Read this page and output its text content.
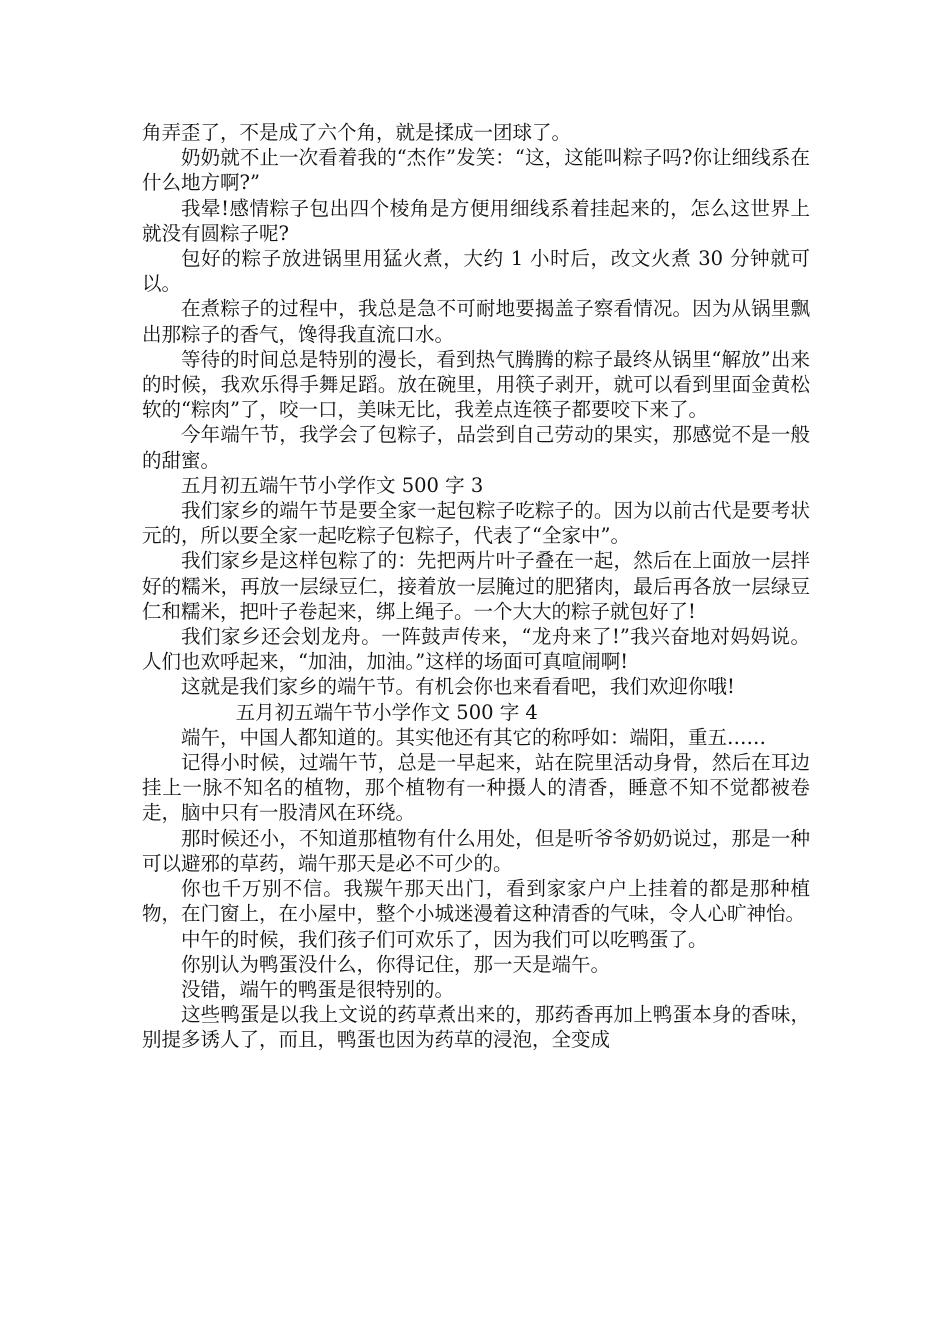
角弄歪了，不是成了六个角，就是揉成一团球了。

奶奶就不止一次看着我的“杰作”发笑：“这，这能叫粽子吗?你让细线系在什么地方啊?”

我晕!感情粽子包出四个棱角是方便用细线系着挂起来的，怎么这世界上就没有圆粽子呢?

包好的粽子放进锅里用猛火煮，大约 1 小时后，改文火煮 30 分钟就可以。

在煮粽子的过程中，我总是急不可耐地要揭盖子察看情况。因为从锅里飘出那粽子的香气，馋得我直流口水。

等待的时间总是特别的漫长，看到热气腾腾的粽子最终从锅里“解放”出来的时候，我欢乐得手舞足蹈。放在碗里，用筷子剥开，就可以看到里面金黄松软的“粽肉”了，咬一口，美味无比，我差点连筷子都要咬下来了。

今年端午节，我学会了包粽子，品尝到自己劳动的果实，那感觉不是一般的甜蜜。

五月初五端午节小学作文 500 字 3

我们家乡的端午节是要全家一起包粽子吃粽子的。因为以前古代是要考状元的，所以要全家一起吃粽子包粽子，代表了“全家中”。

我们家乡是这样包粽了的：先把两片叶子叠在一起，然后在上面放一层拌好的糯米，再放一层绿豆仁，接着放一层腌过的肥猪肉，最后再各放一层绿豆仁和糯米，把叶子卷起来，绑上绳子。一个大大的粽子就包好了!

我们家乡还会划龙舟。一阵鼓声传来，“龙舟来了!”我兴奋地对妈妈说。人们也欢呼起来，“加油，加油。”这样的场面可真喧闹啊!

这就是我们家乡的端午节。有机会你也来看看吧，我们欢迎你哦!

五月初五端午节小学作文 500 字 4

端午，中国人都知道的。其实他还有其它的称呼如：端阳，重五……

记得小时候，过端午节，总是一早起来，站在院里活动身骨，然后在耳边挂上一脉不知名的植物，那个植物有一种摄人的清香，睡意不知不觉都被卷走，脑中只有一股清风在环绕。

那时候还小，不知道那植物有什么用处，但是听爷爷奶奶说过，那是一种可以避邪的草药，端午那天是必不可少的。

你也千万别不信。我羰午那天出门，看到家家户户上挂着的都是那种植物，在门窗上，在小屋中，整个小城迷漫着这种清香的气味，令人心旷神怡。

中午的时候，我们孩子们可欢乐了，因为我们可以吃鸭蛋了。

你别认为鸭蛋没什么，你得记住，那一天是端午。

没错，端午的鸭蛋是很特别的。

这些鸭蛋是以我上文说的药草煮出来的，那药香再加上鸭蛋本身的香味，别提多诱人了，而且，鸭蛋也因为药草的浸泡，全变成
